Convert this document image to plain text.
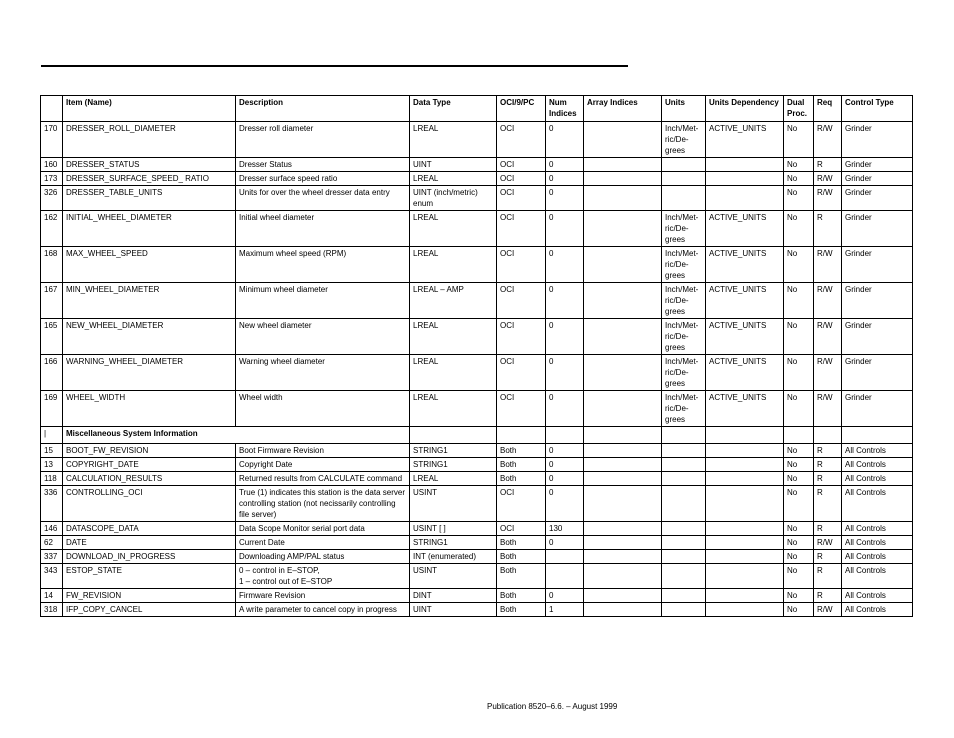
	Item (Name)	Description	Data Type	OCI/9/PC	Num Indices	Array Indices	Units	Units Dependency	Dual Proc.	Req	Control Type
170	DRESSER_ROLL_DIAMETER	Dresser roll diameter	LREAL	OCI	0		Inch/Met-ric/De-grees	ACTIVE_UNITS	No	R/W	Grinder
160	DRESSER_STATUS	Dresser Status	UINT	OCI	0				No	R	Grinder
173	DRESSER_SURFACE_SPEED_ RATIO	Dresser surface speed ratio	LREAL	OCI	0				No	R/W	Grinder
326	DRESSER_TABLE_UNITS	Units for over the wheel dresser data entry	UINT (inch/metric) enum	OCI	0				No	R/W	Grinder
162	INITIAL_WHEEL_DIAMETER	Initial wheel diameter	LREAL	OCI	0		Inch/Met-ric/De-grees	ACTIVE_UNITS	No	R	Grinder
168	MAX_WHEEL_SPEED	Maximum wheel speed (RPM)	LREAL	OCI	0		Inch/Met-ric/De-grees	ACTIVE_UNITS	No	R/W	Grinder
167	MIN_WHEEL_DIAMETER	Minimum wheel diameter	LREAL – AMP	OCI	0		Inch/Met-ric/De-grees	ACTIVE_UNITS	No	R/W	Grinder
165	NEW_WHEEL_DIAMETER	New wheel diameter	LREAL	OCI	0		Inch/Met-ric/De-grees	ACTIVE_UNITS	No	R/W	Grinder
166	WARNING_WHEEL_DIAMETER	Warning wheel diameter	LREAL	OCI	0		Inch/Met-ric/De-grees	ACTIVE_UNITS	No	R/W	Grinder
169	WHEEL_WIDTH	Wheel width	LREAL	OCI	0		Inch/Met-ric/De-grees	ACTIVE_UNITS	No	R/W	Grinder
|	Miscellaneous System Information										
15	BOOT_FW_REVISION	Boot Firmware Revision	STRING1	Both	0				No	R	All Controls
13	COPYRIGHT_DATE	Copyright Date	STRING1	Both	0				No	R	All Controls
118	CALCULATION_RESULTS	Returned results from CALCULATE command	LREAL	Both	0				No	R	All Controls
336	CONTROLLING_OCI	True (1) indicates this station is the data server controlling station (not necissarily controlling file server)	USINT	OCI	0				No	R	All Controls
146	DATASCOPE_DATA	Data Scope Monitor serial port data	USINT [ ]	OCI	130				No	R	All Controls
62	DATE	Current Date	STRING1	Both	0				No	R/W	All Controls
337	DOWNLOAD_IN_PROGRESS	Downloading AMP/PAL status	INT (enumerated)	Both					No	R	All Controls
343	ESTOP_STATE	0 – control in E–STOP,
1 – control out of E–STOP	USINT	Both					No	R	All Controls
14	FW_REVISION	Firmware Revision	DINT	Both	0				No	R	All Controls
318	IFP_COPY_CANCEL	A write parameter to cancel copy in progress	UINT	Both	1				No	R/W	All Controls
Publication 8520–6.6. – August 1999
